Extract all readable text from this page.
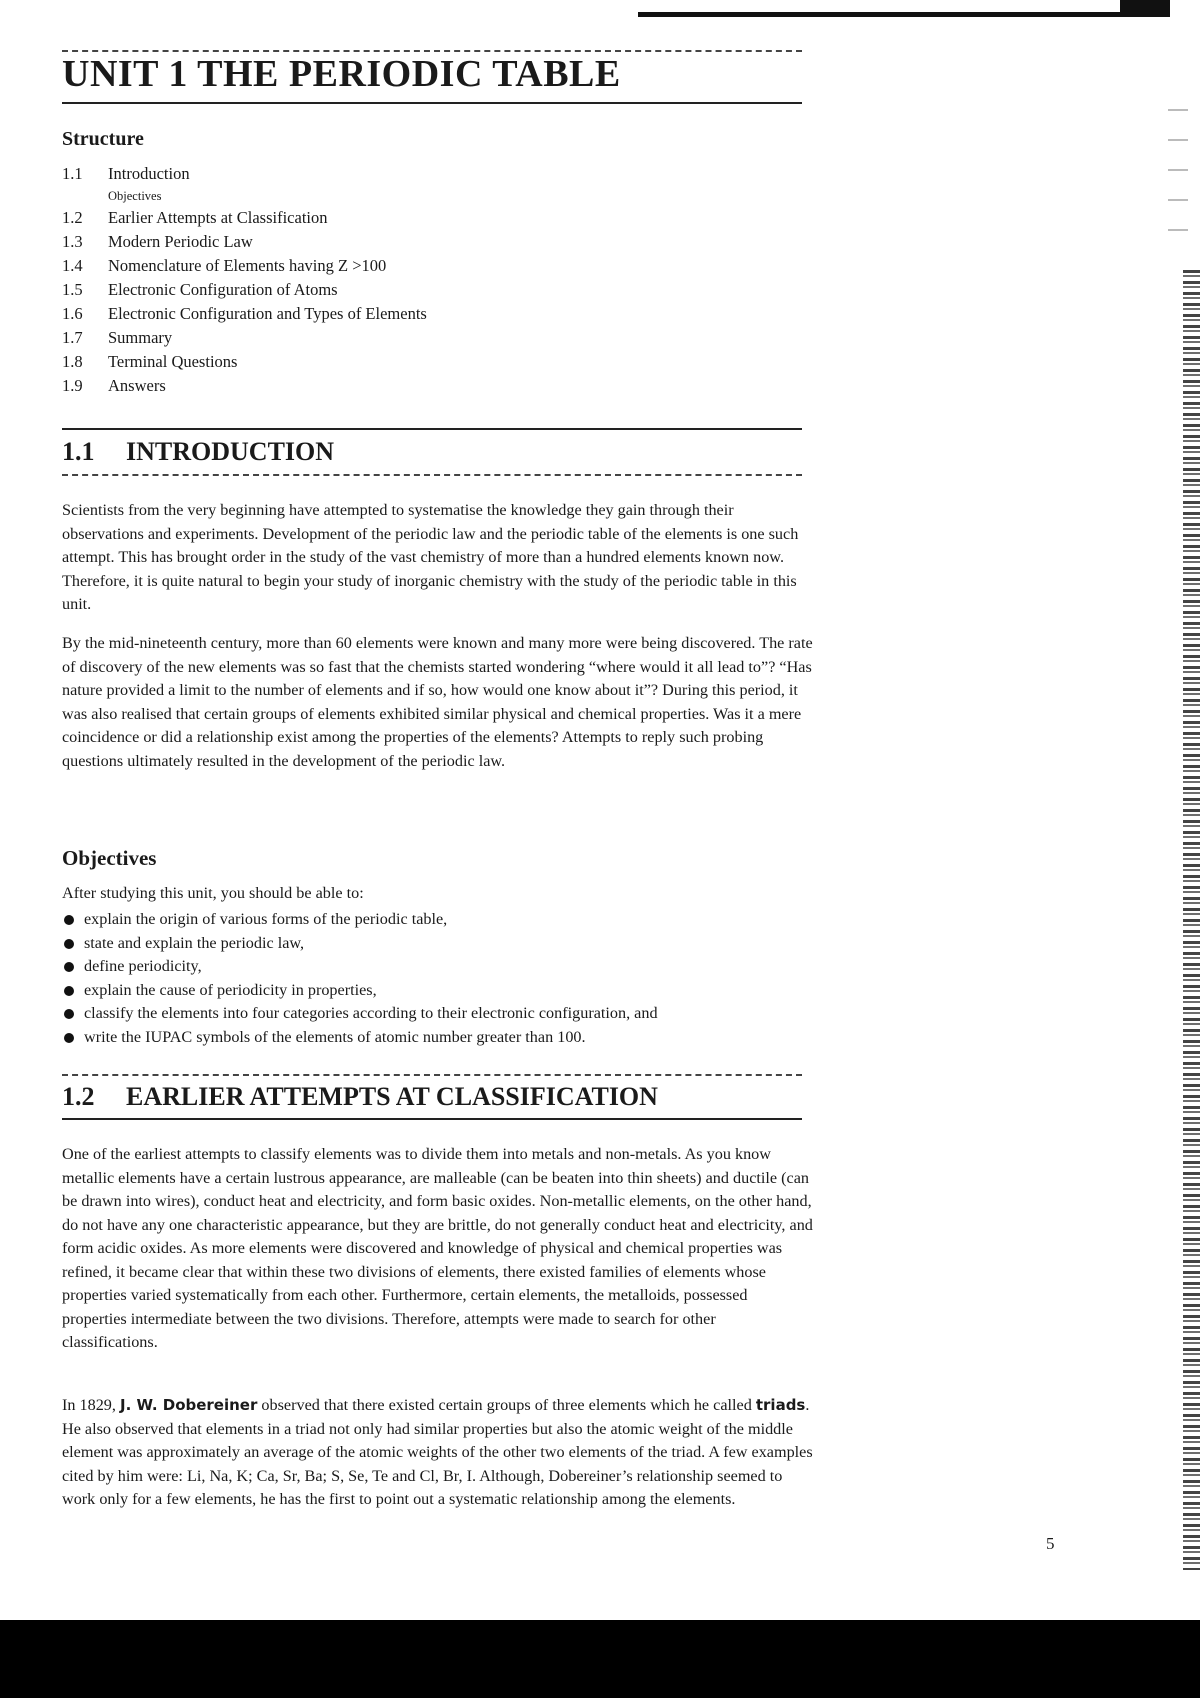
UNIT 1 THE PERIODIC TABLE
Structure
1.1 Introduction
Objectives
1.2 Earlier Attempts at Classification
1.3 Modern Periodic Law
1.4 Nomenclature of Elements having Z >100
1.5 Electronic Configuration of Atoms
1.6 Electronic Configuration and Types of Elements
1.7 Summary
1.8 Terminal Questions
1.9 Answers
1.1 INTRODUCTION

Scientists from the very beginning have attempted to systematise the knowledge they gain through their observations and experiments. Development of the periodic law and the periodic table of the elements is one such attempt. This has brought order in the study of the vast chemistry of more than a hundred elements known now. Therefore, it is quite natural to begin your study of inorganic chemistry with the study of the periodic table in this unit.

By the mid-nineteenth century, more than 60 elements were known and many more were being discovered. The rate of discovery of the new elements was so fast that the chemists started wondering “where would it all lead to”? “Has nature provided a limit to the number of elements and if so, how would one know about it”? During this period, it was also realised that certain groups of elements exhibited similar physical and chemical properties. Was it a mere coincidence or did a relationship exist among the properties of the elements? Attempts to reply such probing questions ultimately resulted in the development of the periodic law.

Objectives

After studying this unit, you should be able to:

explain the origin of various forms of the periodic table,
state and explain the periodic law,
define periodicity,
explain the cause of periodicity in properties,
classify the elements into four categories according to their electronic configuration, and
write the IUPAC symbols of the elements of atomic number greater than 100.
1.2 EARLIER ATTEMPTS AT CLASSIFICATION

One of the earliest attempts to classify elements was to divide them into metals and non-metals. As you know metallic elements have a certain lustrous appearance, are malleable (can be beaten into thin sheets) and ductile (can be drawn into wires), conduct heat and electricity, and form basic oxides. Non-metallic elements, on the other hand, do not have any one characteristic appearance, but they are brittle, do not generally conduct heat and electricity, and form acidic oxides. As more elements were discovered and knowledge of physical and chemical properties was refined, it became clear that within these two divisions of elements, there existed families of elements whose properties varied systematically from each other. Furthermore, certain elements, the metalloids, possessed properties intermediate between the two divisions. Therefore, attempts were made to search for other classifications.

In 1829, J. W. Dobereiner observed that there existed certain groups of three elements which he called triads. He also observed that elements in a triad not only had similar properties but also the atomic weight of the middle element was approximately an average of the atomic weights of the other two elements of the triad. A few examples cited by him were: Li, Na, K; Ca, Sr, Ba; S, Se, Te and Cl, Br, I. Although, Dobereiner’s relationship seemed to work only for a few elements, he has the first to point out a systematic relationship among the elements.

5
